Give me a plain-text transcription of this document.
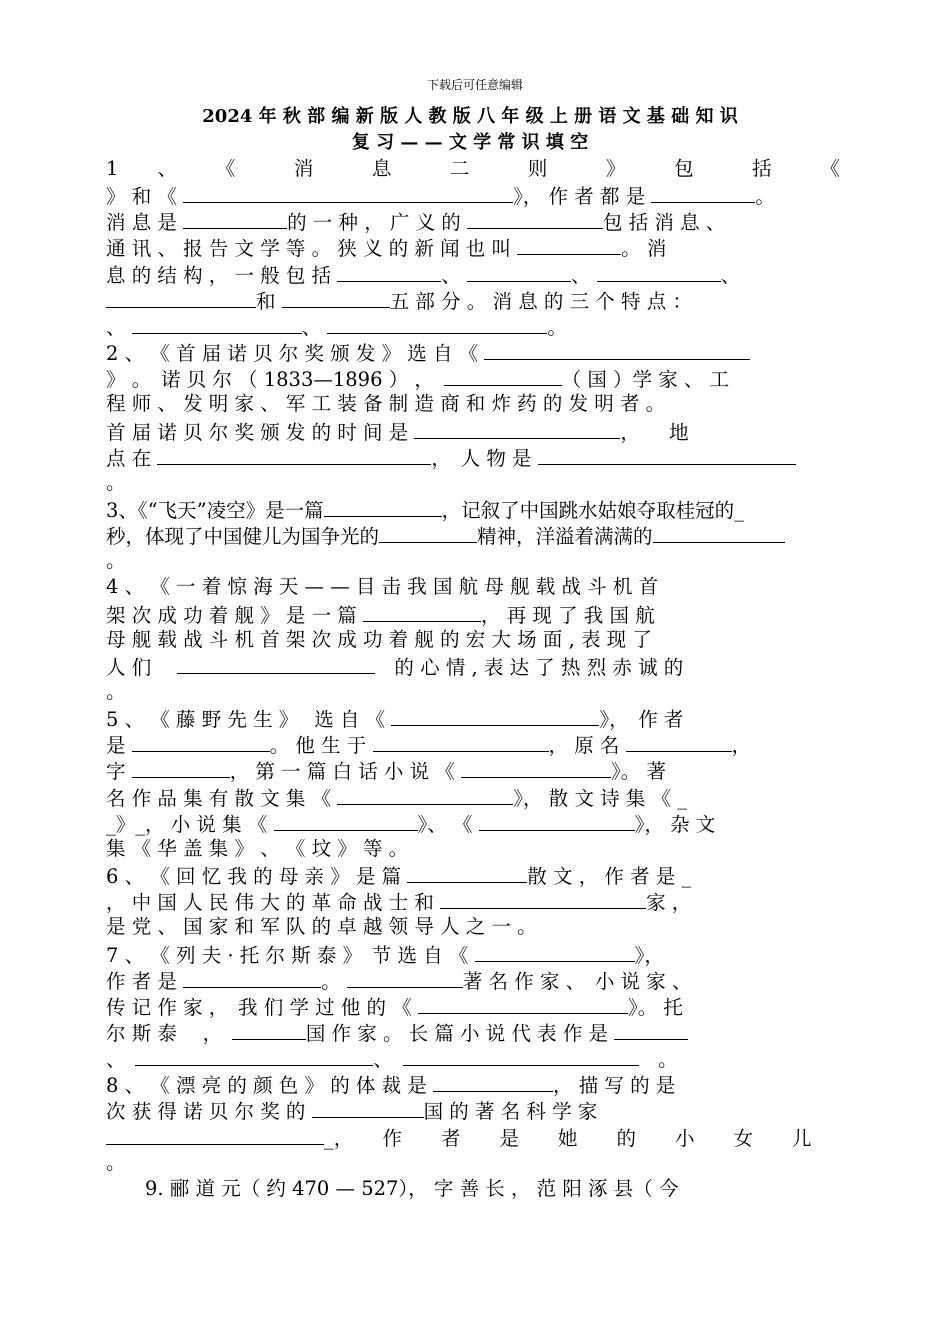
下载后可任意编辑
2024 年 秋 部 编 新 版 人 教 版 八 年 级 上 册 语 文 基 础 知 识
复 习 — — 文 学 常 识 填 空
1　　、　　　《　　　消　　　息　　　二　　　则　　　》　　　包　　　括　　　《
》 和 《	》， 作 者 都 是	。
消 息 是	的 一 种 ， 广 义 的	包 括 消 息 、
通 讯 、 报 告 文 学 等 。 狭 义 的 新 闻 也 叫	。 消
息 的 结 构 ， 一 般 包 括	、	、	、
和	五 部 分 。 消 息 的 三 个 特 点 ：
、	、	。
2 、 《 首 届 诺 贝 尔 奖 颁 发 》 选 自 《
》 。　诺 贝 尔 （ 1833—1896 ） ，　	（ 国 ）学 家 、 工
程 师 、 发 明 家 、 军 工 装 备 制 造 商 和 炸 药 的 发 明 者 。
首 届 诺 贝 尔 奖 颁 发 的 时 间 是	，　　地
点 在	，　人 物 是
。
3、《“飞天”凌空》是一篇	，记叙了中国跳水姑娘夺取桂冠的_
秒，体现了中国健儿为国争光的	精神，洋溢着满满的
。
4 、 《 一 着 惊 海 天 — — 目 击 我 国 航 母 舰 载 战 斗 机 首
架 次 成 功 着 舰 》 是 一 篇	， 再 现 了 我 国 航
母 舰 载 战 斗 机 首 架 次 成 功 着 舰 的 宏 大 场 面 , 表 现 了
人 们　	　的 心 情 , 表 达 了 热 烈 赤 诚 的
。
5 、 《 藤 野 先 生 》　 选 自 《	》，　作 者
是	。 他 生 于	， 原 名	，
字	， 第 一 篇 白 话 小 说 《	》。 著
名 作 品 集 有 散 文 集 《	》， 散 文 诗 集 《 _
_》_， 小 说 集 《	》、 《	》， 杂 文
集 《 华 盖 集 》 、 《 坟 》 等 。
6 、 《 回 忆 我 的 母 亲 》 是 篇	散 文 ， 作 者 是 _
， 中 国 人 民 伟 大 的 革 命 战 士 和	家 ，
是 党 、 国 家 和 军 队 的 卓 越 领 导 人 之 一 。
7 、 《 列 夫 · 托 尔 斯 泰 》　节 选 自 《	》，
作 者 是	。	著 名 作 家 、　小 说 家 、
传 记 作 家 ，　我 们 学 过 他 的 《	》。 托
尔 斯 泰 　，　	国 作 家 。 长 篇 小 说 代 表 作 是
、　	、　	　。
8 、 《 漂 亮 的 颜 色 》 的 体 裁 是	， 描 写 的 是
次 获 得 诺 贝 尔 奖 的	国 的 著 名 科 学 家
_，　　作　　者　　是　　她　　的　　小　　女　　儿
。
　　9. 郦 道 元（ 约 470 — 527）， 字 善 长 ， 范 阳 涿 县（ 今
